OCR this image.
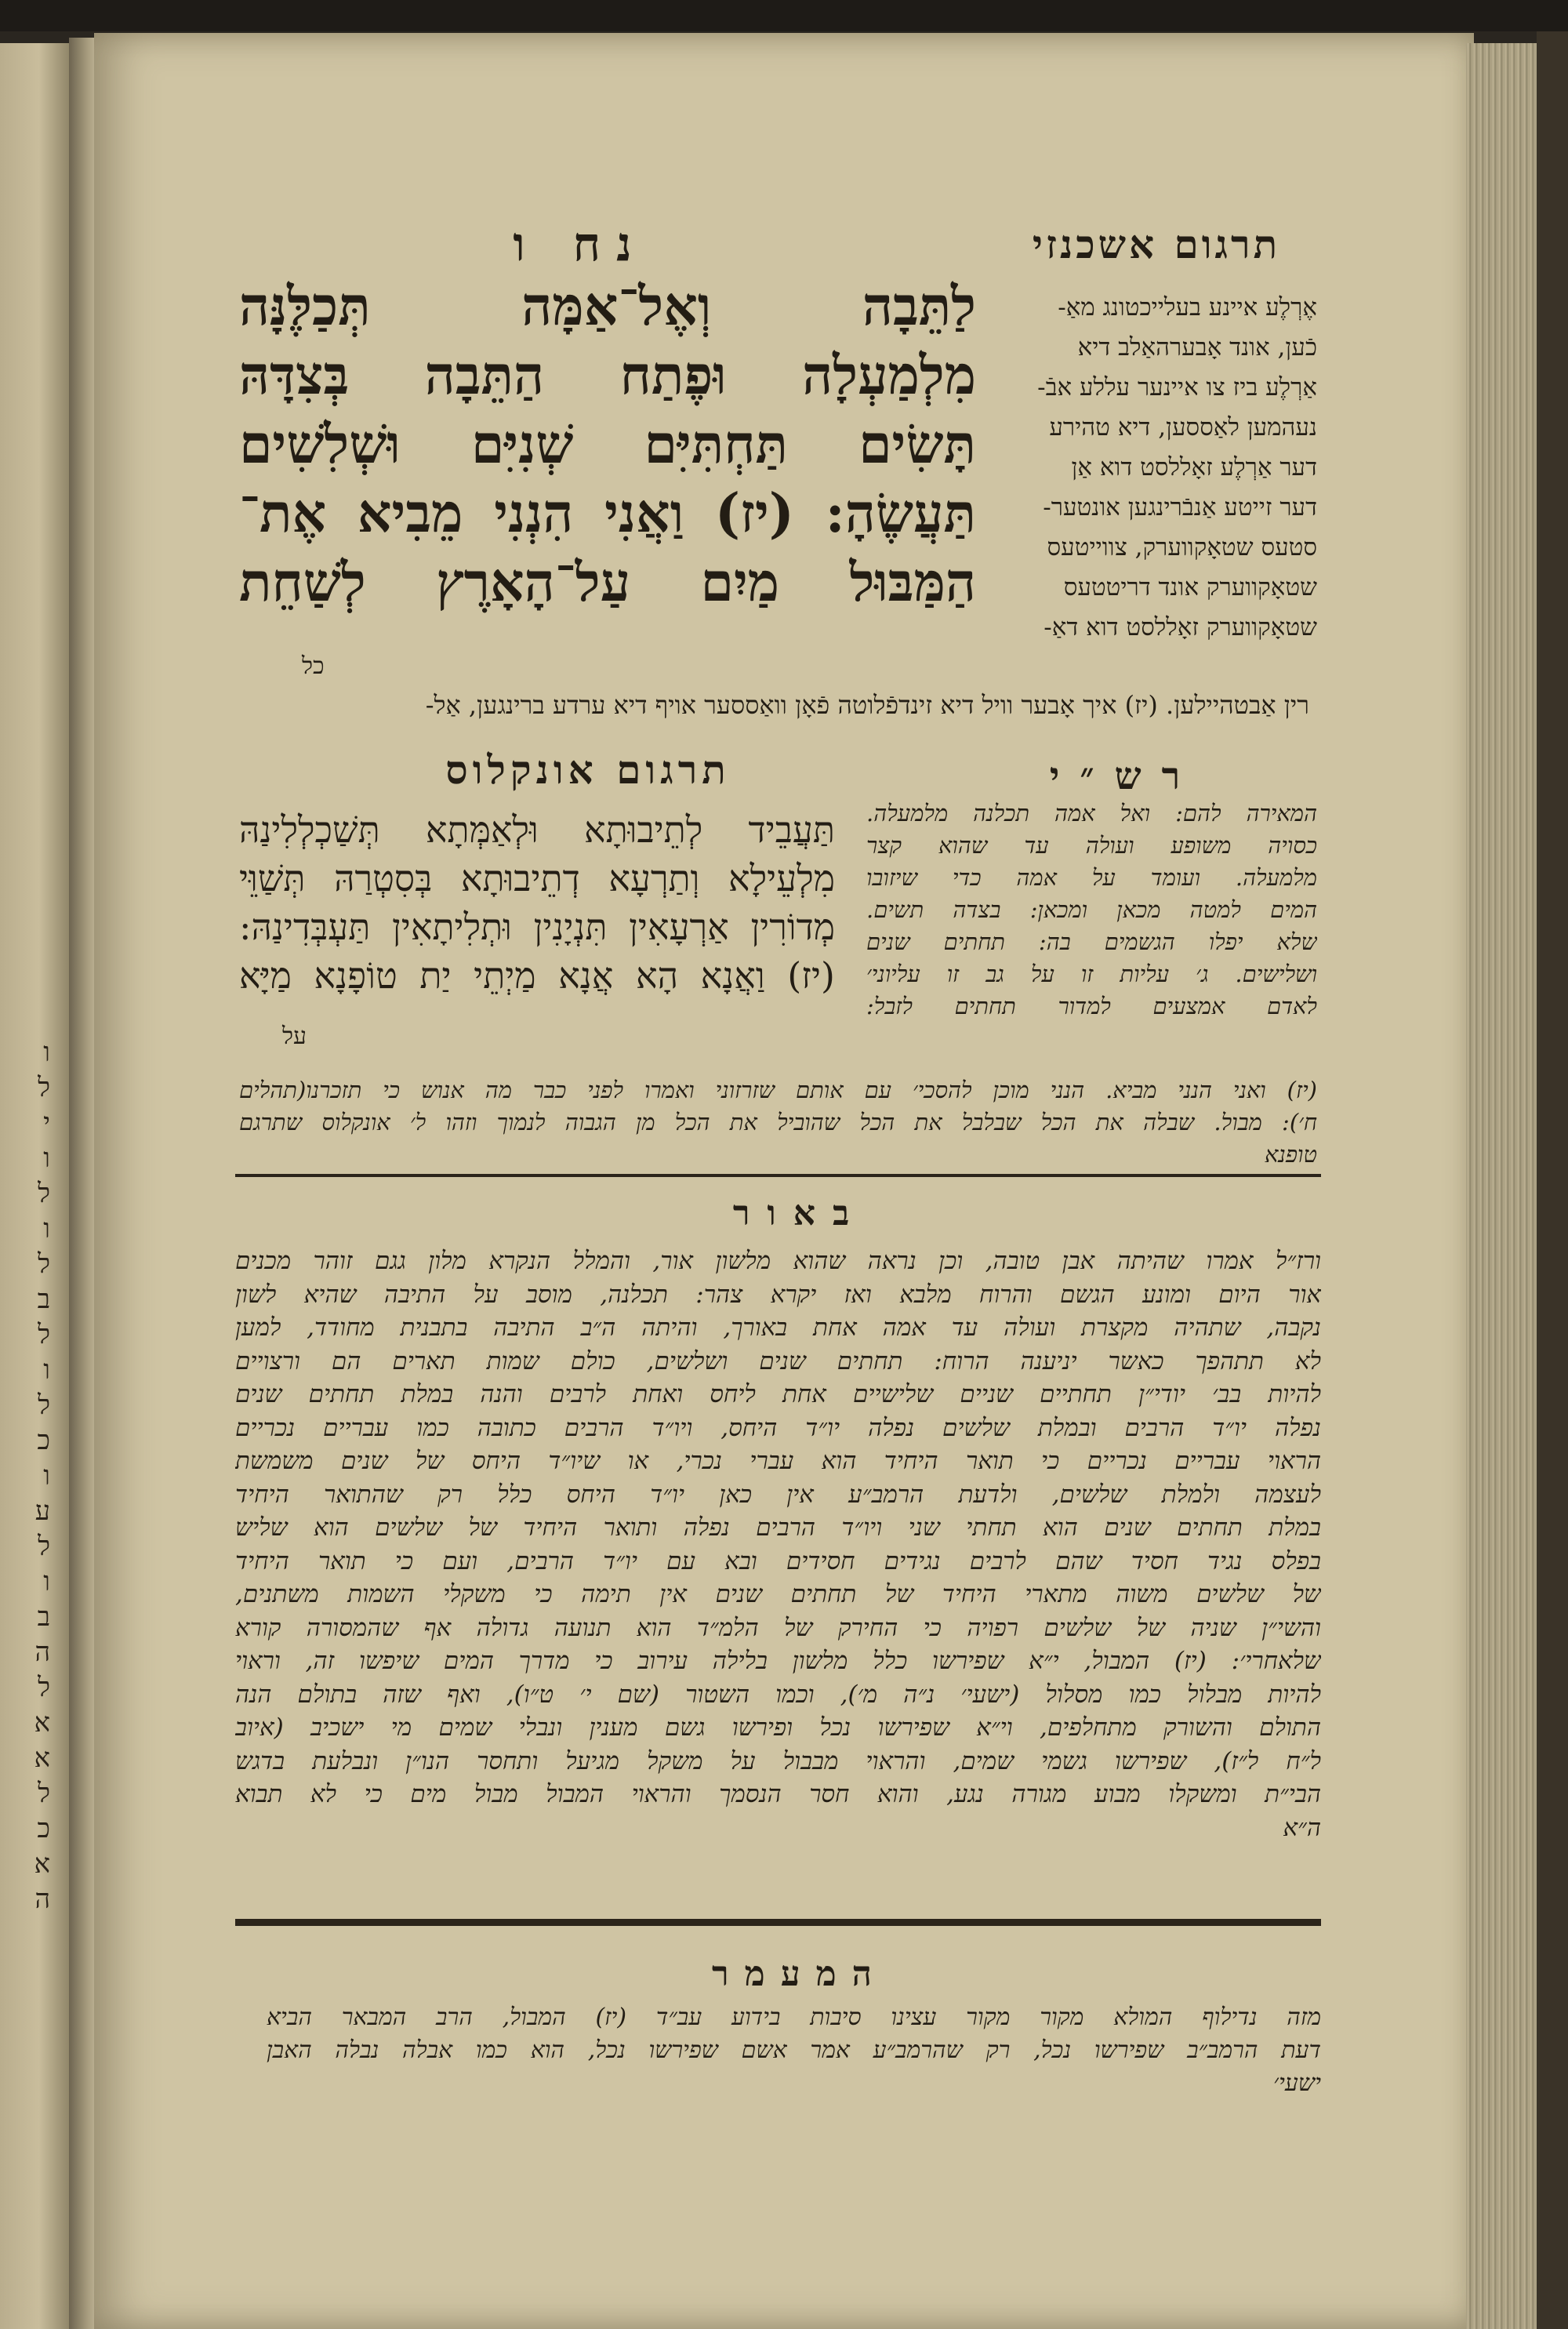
ו
ל
י
ו
ל
ו
ל
ב
ל
ו
ל
כ
ו
ע
ל
ו
ב
ה
ל
א
א
ל
כ
א
ה
תרגום אשכנזי
נח ו
אֶרְלֶע איינע בעלייכטונג מאַ-
כֿען, אונד אָבערהאַלב דיא
אַרְלֶע ביז צו איינער עללע אבֿ-
נעהמען לאַססען, דיא טהירע
דער אַרְלֶע זאָללסט דוא אַן
דער זייטע אַנבֿרינגען אונטער-
סטעס שטאָקווערק, צווייטעס
שטאָקווערק אונד דריטטעס
שטאָקווערק זאָללסט דוא דאַ-
לַתֵּבָה וְאֶל־אַמָּה תְּכַלֶּנָּה
מִלְמַעְלָה וּפֶתַח הַתֵּבָה בְּצִדָּהּ
תָּשִׂים תַּחְתִּיִּם שְׁנִיִּם וּשְׁלִשִׁים
תַּעֲשֶׂהָ: (יז) וַאֲנִי הִנְנִי מֵבִיא אֶת־
הַמַּבּוּל מַיִם עַל־הָאָרֶץ לְשַׁחֵת
כל
רין אַבטהיילען. (יז) איך אָבער וויל דיא זינדפֿלוטה פֿאָן וואַססער אויף דיא ערדע ברינגען, אַל-
תרגום אונקלוס	רש״י
תַּעֲבֵיד לְתֵיבוּתָא וּלְאַמְּתָא תְּשַׁכְלְלִינַהּ
מִלְעֵילָא וְתַרְעָא דְתֵיבוּתָא בְּסִטְרַהּ תְּשַׁוֵּי
מְדוֹרִין אַרְעָאִין תִּנְיָנִין וּתְלִיתָאִין תַּעְבְּדִינַהּ:
(יז) וַאֲנָא הָא אֲנָא מַיְתֵי יַת טוֹפָנָא מַיָּא
על
המאירה להם: ואל אמה תכלנה מלמעלה.
כסויה משופע ועולה עד שהוא קצר
מלמעלה. ועומד על אמה כדי שיזובו
המים למטה מכאן ומכאן: בצדה תשים.
שלא יפלו הגשמים בה: תחתים שנים
ושלישים. ג׳ עליות זו על גב זו עליוני׳
לאדם אמצעים למדור תחתים לזבל:
(יז) ואני הנני מביא. הנני מוכן להסכי׳ עם אותם שזרזוני ואמרו לפני כבר מה אנוש כי תזכרנו(תהלים
ח׳): מבול. שבלה את הכל שבלבל את הכל שהוביל את הכל מן הגבוה לנמוך וזהו ל׳ אונקלוס שתרגם
טופנא
באור
ורז״ל אמרו שהיתה אבן טובה, וכן נראה שהוא מלשון אור, והמלל הנקרא מלון גגם זוהר מכנים
אור היום ומונע הגשם והרוח מלבא ואז יקרא צהר: תכלנה, מוסב על התיבה שהיא לשון
נקבה, שתהיה מקצרת ועולה עד אמה אחת באורך, והיתה ה״ב התיבה בתבנית מחודד, למען
לא תתהפך כאשר יניענה הרוח: תחתים שנים ושלשים, כולם שמות תארים הם ורצויים
להיות בב׳ יודי״ן תחתיים שניים שלישיים אחת ליחס ואחת לרבים והנה במלת תחתים שנים
נפלה יו״ד הרבים ובמלת שלשים נפלה יו״ד היחס, ויו״ד הרבים כתובה כמו עבריים נכריים
הראוי עבריים נכריים כי תואר היחיד הוא עברי נכרי, או שיו״ד היחס של שנים משמשת
לעצמה ולמלת שלשים, ולדעת הרמב״ע אין כאן יו״ד היחס כלל רק שהתואר היחיד
במלת תחתים שנים הוא תחתי שני ויו״ד הרבים נפלה ותואר היחיד של שלשים הוא שליש
בפלס נגיד חסיד שהם לרבים נגידים חסידים ובא עם יו״ד הרבים, ועם כי תואר היחיד
של שלשים משוה מתארי היחיד של תחתים שנים אין תימה כי משקלי השמות משתנים,
והשי״ן שניה של שלשים רפויה כי החירק של הלמ״ד הוא תנועה גדולה אף שהמסורה קורא
שלאחרי׳: (יז) המבול, י״א שפירשו כלל מלשון בלילה עירוב כי מדרך המים שיפשו זה, וראוי
להיות מבלול כמו מסלול (ישעי׳ נ״ה מ׳), וכמו השטור (שם י׳ ט״ו), ואף שזה בתולם הנה
התולם והשורק מתחלפים, וי״א שפירשו נכל ופירשו גשם מענין ונבלי שמים מי ישכיב (איוב
ל״ח ל״ז), שפירשו גשמי שמים, והראוי מבבול על משקל מגיעל ותחסר הנו״ן ונבלעת בדגש
הבי״ת ומשקלו מבוע מגורה נגע, והוא חסר הנסמך והראוי המבול מבול מים כי לא תבוא
ה״א
המעמר
מזה נדילוף המולא מקור מקור עצינו סיבות בידוע עב״ד (יז) המבול, הרב המבאר הביא
דעת הרמב״ב שפירשו נכל, רק שהרמב״ע אמר אשם שפירשו נכל, הוא כמו אבלה נבלה האבן
ישעי׳
